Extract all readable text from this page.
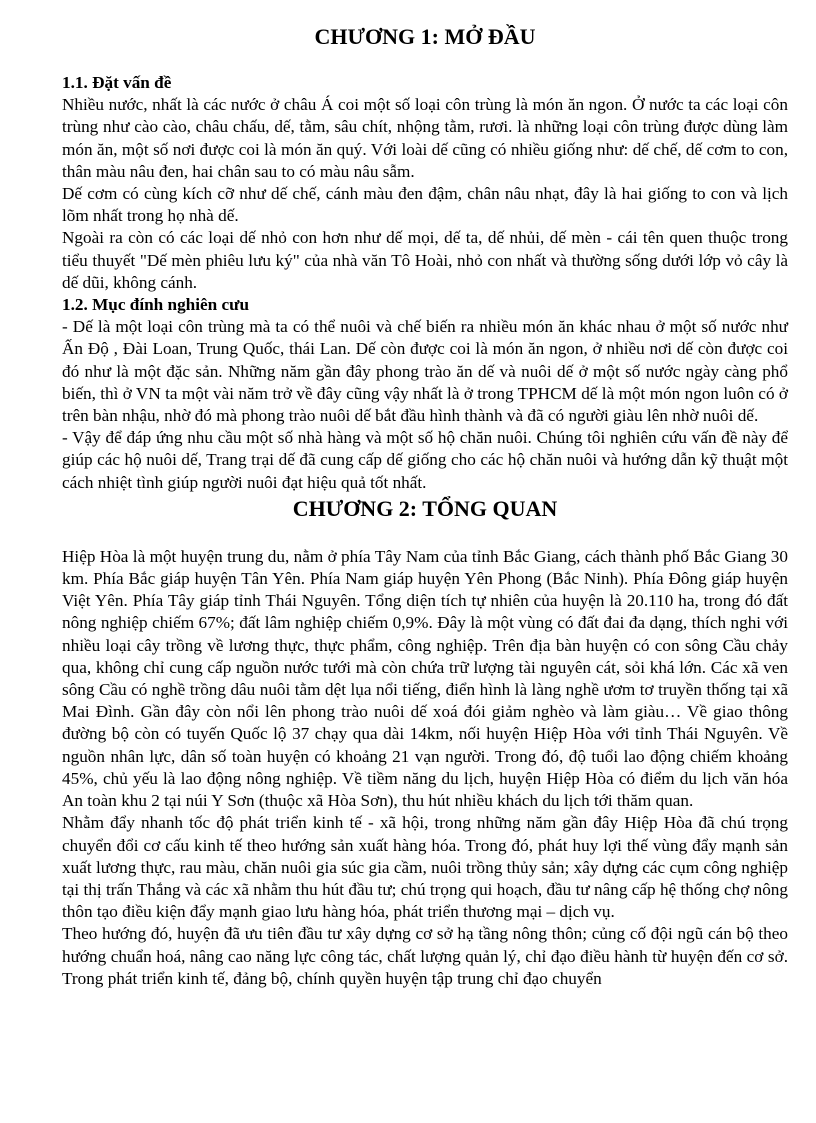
CHƯƠNG 1: MỞ ĐẦU
1.1. Đặt vấn đề

Nhiều nước, nhất là các nước ở châu Á coi một số loại côn trùng là món ăn ngon. Ở nước ta các loại côn trùng như cào cào, châu chấu, dế, tằm, sâu chít, nhộng tằm, rươi. là những loại côn trùng được dùng làm món ăn, một số nơi được coi là món ăn quý. Với loài dế cũng có nhiều giống như: dế chế, dế cơm to con, thân màu nâu đen, hai chân sau to có màu nâu sẫm.

Dế cơm có cùng kích cỡ như dế chế, cánh màu đen đậm, chân nâu nhạt, đây là hai giống to con và lịch lõm nhất trong họ nhà dế.

Ngoài ra còn có các loại dế nhỏ con hơn như dế mọi, dế ta, dế nhủi, dế mèn - cái tên quen thuộc trong tiểu thuyết "Dế mèn phiêu lưu ký" của nhà văn Tô Hoài, nhỏ con nhất và thường sống dưới lớp vỏ cây là dế dũi, không cánh.

1.2. Mục đính nghiên cưu

- Dế là một loại côn trùng mà ta có thể nuôi và chế biến ra nhiều món ăn khác nhau ở một số nước như Ấn Độ , Đài Loan, Trung Quốc, thái Lan. Dế còn được coi là món ăn ngon, ở nhiều nơi dế còn được coi đó như là một đặc sản. Những năm gần đây phong trào ăn dế và nuôi dế ở một số nước ngày càng phổ biến, thì ở VN ta một vài năm trở về đây cũng vậy nhất là ở trong TPHCM dế là một món ngon luôn có ở trên bàn nhậu, nhờ đó mà phong trào nuôi dế bắt đầu hình thành và đã có người giàu lên nhờ nuôi dế.

- Vậy để đáp ứng nhu cầu một số nhà hàng và một số hộ chăn nuôi. Chúng tôi nghiên cứu vấn đề này để giúp các hộ nuôi dế, Trang trại dế đã cung cấp dế giống cho các hộ chăn nuôi và hướng dẫn kỹ thuật một cách nhiệt tình giúp người nuôi đạt hiệu quả tốt nhất.

CHƯƠNG 2: TỔNG QUAN

Hiệp Hòa là một huyện trung du, nằm ở phía Tây Nam của tỉnh Bắc Giang, cách thành phố Bắc Giang 30 km. Phía Bắc giáp huyện Tân Yên. Phía Nam giáp huyện Yên Phong (Bắc Ninh). Phía Đông giáp huyện Việt Yên. Phía Tây giáp tỉnh Thái Nguyên. Tổng diện tích tự nhiên của huyện là 20.110 ha, trong đó đất nông nghiệp chiếm 67%; đất lâm nghiệp chiếm 0,9%. Đây là một vùng có đất đai đa dạng, thích nghi với nhiều loại cây trồng về lương thực, thực phẩm, công nghiệp. Trên địa bàn huyện có con sông Cầu chảy qua, không chỉ cung cấp nguồn nước tưới mà còn chứa trữ lượng tài nguyên cát, sỏi khá lớn. Các xã ven sông Cầu có nghề trồng dâu nuôi tằm dệt lụa nổi tiếng, điển hình là làng nghề ươm tơ truyền thống tại xã Mai Đình. Gần đây còn nổi lên phong trào nuôi dế xoá đói giảm nghèo và làm giàu… Về giao thông đường bộ còn có tuyến Quốc lộ 37 chạy qua dài 14km, nối huyện Hiệp Hòa với tỉnh Thái Nguyên. Về nguồn nhân lực, dân số toàn huyện có khoảng 21 vạn người. Trong đó, độ tuổi lao động chiếm khoảng 45%, chủ yếu là lao động nông nghiệp. Về tiềm năng du lịch, huyện Hiệp Hòa có điểm du lịch văn hóa An toàn khu 2 tại núi Y Sơn (thuộc xã Hòa Sơn), thu hút nhiều khách du lịch tới thăm quan.

Nhằm đẩy nhanh tốc độ phát triển kinh tế - xã hội, trong những năm gần đây Hiệp Hòa đã chú trọng chuyển đổi cơ cấu kinh tế theo hướng sản xuất hàng hóa. Trong đó, phát huy lợi thế vùng đẩy mạnh sản xuất lương thực, rau màu, chăn nuôi gia súc gia cầm, nuôi trồng thủy sản; xây dựng các cụm công nghiệp tại thị trấn Thắng và các xã nhằm thu hút đầu tư; chú trọng qui hoạch, đầu tư nâng cấp hệ thống chợ nông thôn tạo điều kiện đẩy mạnh giao lưu hàng hóa, phát triển thương mại – dịch vụ.

Theo hướng đó, huyện đã ưu tiên đầu tư xây dựng cơ sở hạ tầng nông thôn; củng cố đội ngũ cán bộ theo hướng chuẩn hoá, nâng cao năng lực công tác, chất lượng quản lý, chỉ đạo điều hành từ huyện đến cơ sở. Trong phát triển kinh tế, đảng bộ, chính quyền huyện tập trung chỉ đạo chuyển
